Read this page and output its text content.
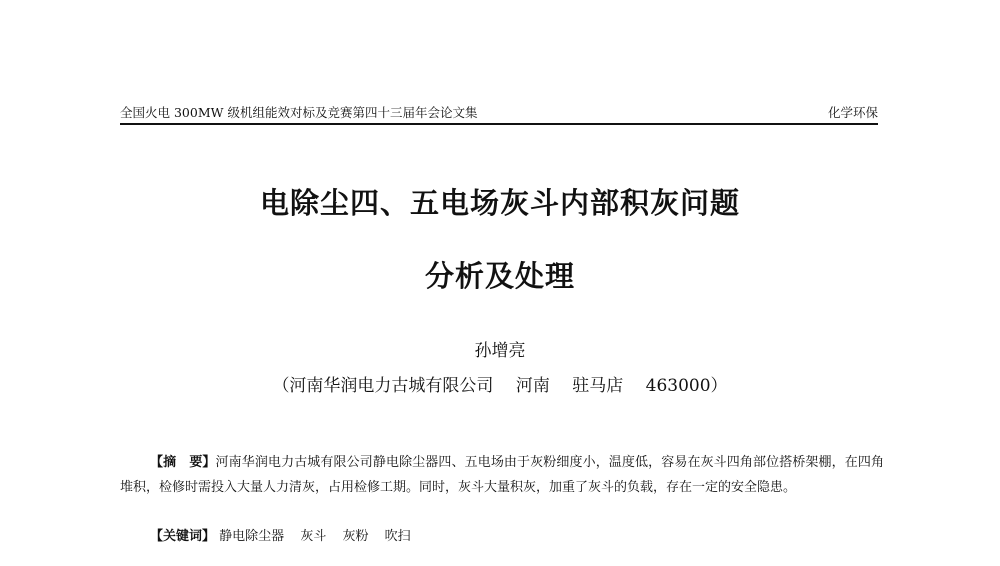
全国火电 300MW 级机组能效对标及竞赛第四十三届年会论文集	化学环保
电除尘四、五电场灰斗内部积灰问题
分析及处理
孙增亮
（河南华润电力古城有限公司　 河南　 驻马店　 463000）
【摘　要】河南华润电力古城有限公司静电除尘器四、五电场由于灰粉细度小，温度低，容易在灰斗四角部位搭桥架棚，在四角堆积，检修时需投入大量人力清灰，占用检修工期。同时，灰斗大量积灰，加重了灰斗的负载，存在一定的安全隐患。
【关键词】 静电除尘器 灰斗 灰粉 吹扫
